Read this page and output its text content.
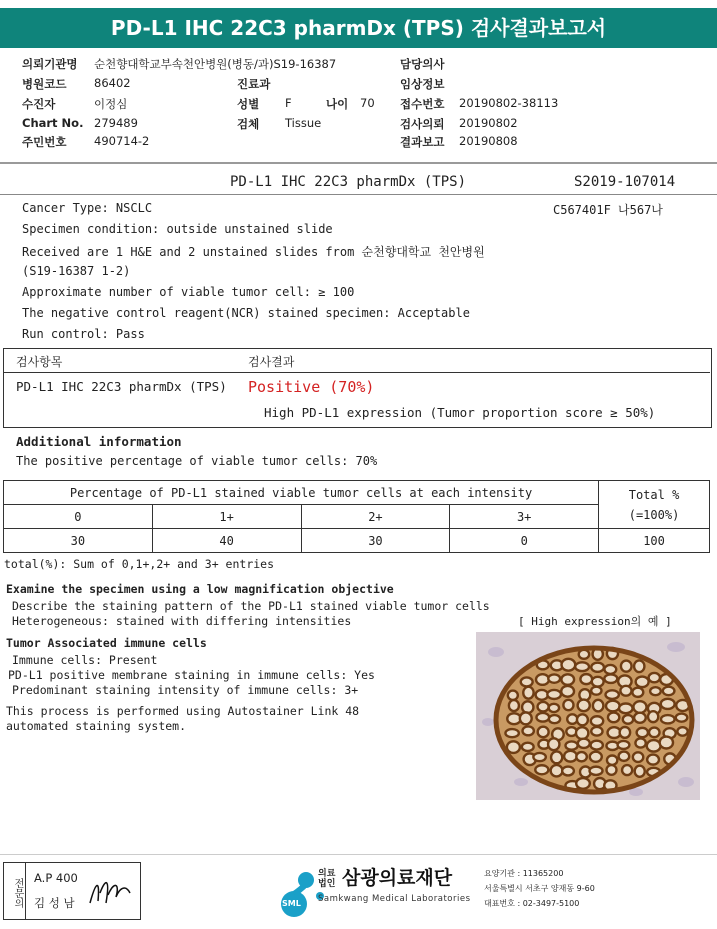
PD-L1 IHC 22C3 pharmDx (TPS) 검사결과보고서
의뢰기관명 순천향대학교부속천안병원(병동/과)S19-16387
병원코드 86402
수진자	이정심
Chart No. 279489
주민번호 490714-2
진료과
성별 F	나이 70
검체 Tissue
담당의사
임상정보
접수번호 20190802-38113
검사의뢰 20190802
결과보고 20190808
PD-L1 IHC 22C3 pharmDx (TPS)	S2019-107014
C567401F 나567나
Cancer Type: NSCLC
Specimen condition: outside unstained slide
Received are 1 H&E and 2 unstained slides from 순천향대학교 천안병원
(S19-16387 1-2)
Approximate number of viable tumor cell: ≥ 100
The negative control reagent(NCR) stained specimen: Acceptable
Run control: Pass
검사항목	검사결과
PD-L1 IHC 22C3 pharmDx (TPS) Positive (70%)
High PD-L1 expression (Tumor proportion score ≥ 50%)
Additional information
The positive percentage of viable tumor cells: 70%
Percentage of PD-L1 stained viable tumor cells at each intensity				Total %
(=100%)

0	1+	2+	3+	
30	40	30	0	100
total(%): Sum of 0,1+,2+ and 3+ entries
Examine the specimen using a low magnification objective
Describe the staining pattern of the PD-L1 stained viable tumor cells
Heterogeneous: stained with differing intensities	[ High expression의 예 ]
Tumor Associated immune cells
Immune cells: Present
PD-L1 positive membrane staining in immune cells: Yes
Predominant staining intensity of immune cells: 3+
This process is performed using Autostainer Link 48
automated staining system.
전문의 A.P 400
김 성 남	SML
의료법인 삼광의료재단
Samkwang Medical Laboratories
요양기관 : 11365200
서울특별시 서초구 양재동 9-60
대표번호 : 02-3497-5100
